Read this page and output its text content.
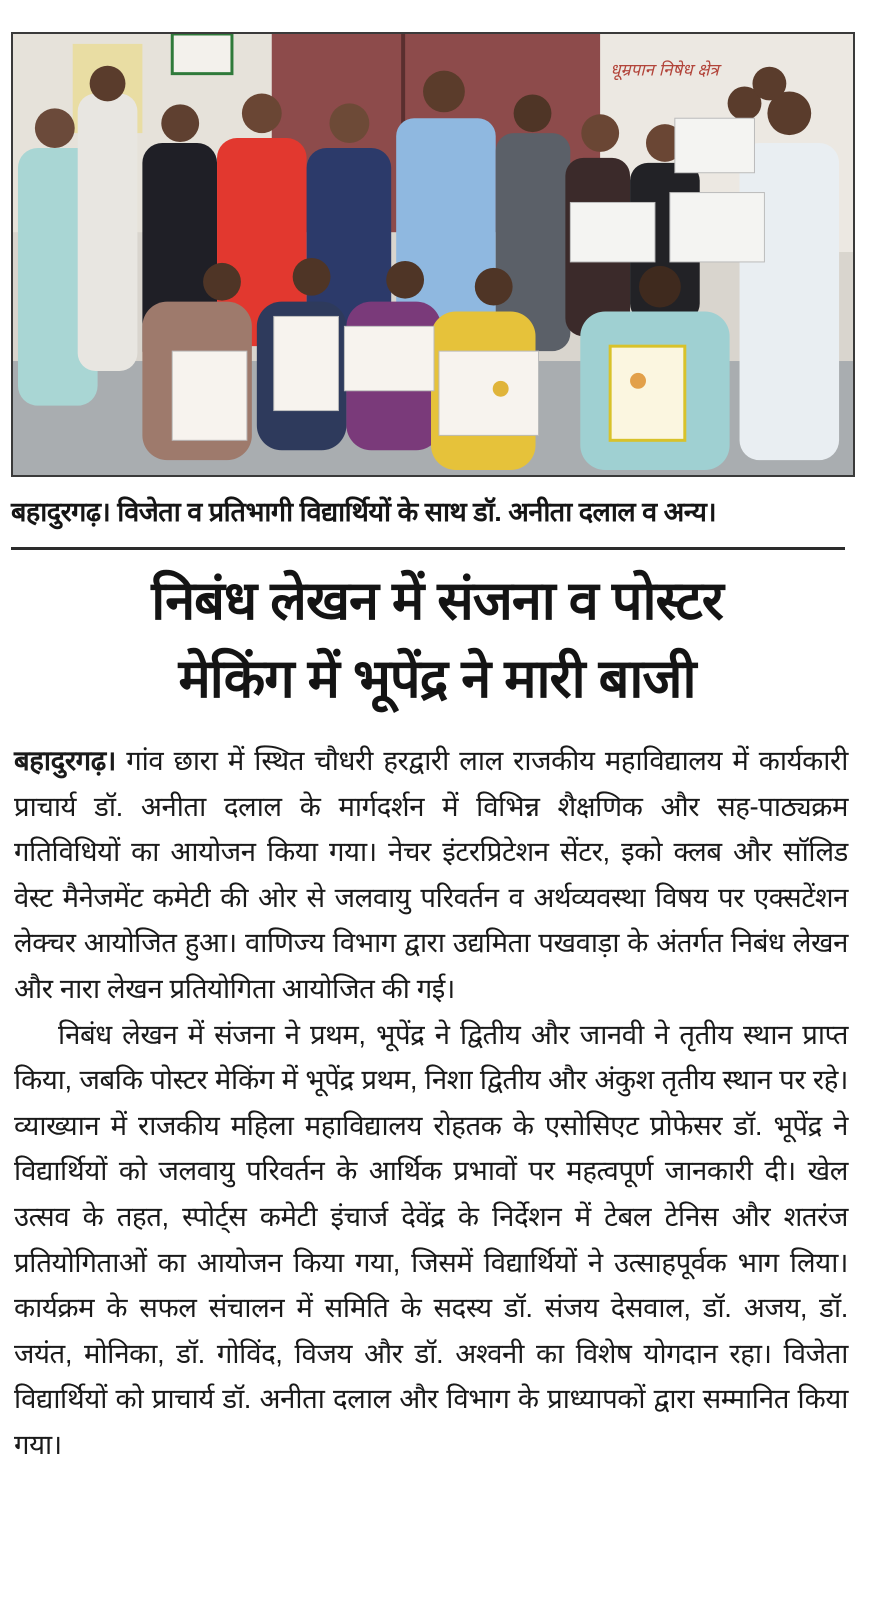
धूम्रपान निषेध क्षेत्र
बहादुरगढ़। विजेता व प्रतिभागी विद्यार्थियों के साथ डॉ. अनीता दलाल व अन्य।
निबंध लेखन में संजना व पोस्टर
मेकिंग में भूपेंद्र ने मारी बाजी

बहादुरगढ़। गांव छारा में स्थित चौधरी हरद्वारी लाल राजकीय महाविद्यालय में कार्यकारी प्राचार्य डॉ. अनीता दलाल के मार्गदर्शन में विभिन्न शैक्षणिक और सह-पाठ्यक्रम गतिविधियों का आयोजन किया गया। नेचर इंटरप्रिटेशन सेंटर, इको क्लब और सॉलिड वेस्ट मैनेजमेंट कमेटी की ओर से जलवायु परिवर्तन व अर्थव्यवस्था विषय पर एक्सटेंशन लेक्चर आयोजित हुआ। वाणिज्य विभाग द्वारा उद्यमिता पखवाड़ा के अंतर्गत निबंध लेखन और नारा लेखन प्रतियोगिता आयोजित की गई।

निबंध लेखन में संजना ने प्रथम, भूपेंद्र ने द्वितीय और जानवी ने तृतीय स्थान प्राप्त किया, जबकि पोस्टर मेकिंग में भूपेंद्र प्रथम, निशा द्वितीय और अंकुश तृतीय स्थान पर रहे। व्याख्यान में राजकीय महिला महाविद्यालय रोहतक के एसोसिएट प्रोफेसर डॉ. भूपेंद्र ने विद्यार्थियों को जलवायु परिवर्तन के आर्थिक प्रभावों पर महत्वपूर्ण जानकारी दी। खेल उत्सव के तहत, स्पोर्ट्स कमेटी इंचार्ज देवेंद्र के निर्देशन में टेबल टेनिस और शतरंज प्रतियोगिताओं का आयोजन किया गया, जिसमें विद्यार्थियों ने उत्साहपूर्वक भाग लिया। कार्यक्रम के सफल संचालन में समिति के सदस्य डॉ. संजय देसवाल, डॉ. अजय, डॉ. जयंत, मोनिका, डॉ. गोविंद, विजय और डॉ. अश्वनी का विशेष योगदान रहा। विजेता विद्यार्थियों को प्राचार्य डॉ. अनीता दलाल और विभाग के प्राध्यापकों द्वारा सम्मानित किया गया।
